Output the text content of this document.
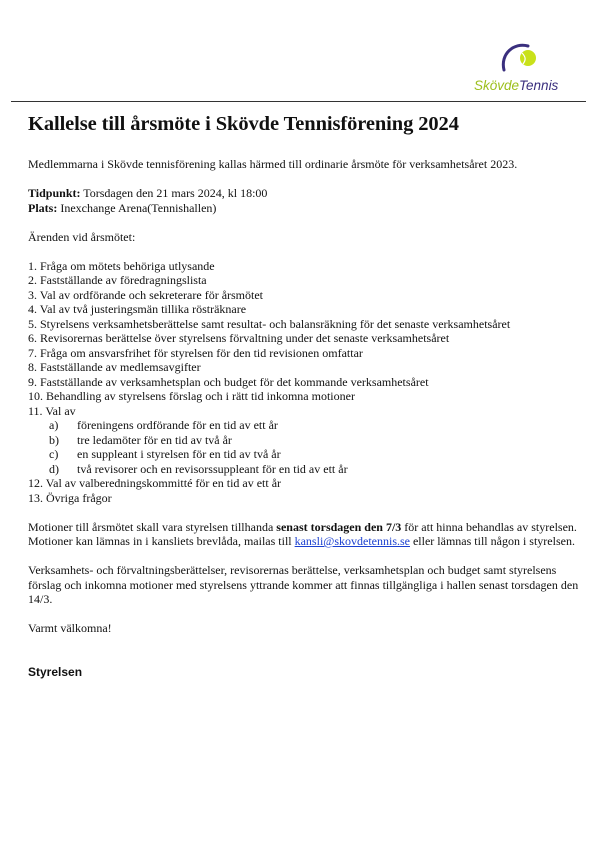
SkövdeTennis
Kallelse till årsmöte i Skövde Tennisförening 2024

Medlemmarna i Skövde tennisförening kallas härmed till ordinarie årsmöte för verksamhetsåret 2023.

Tidpunkt: Torsdagen den 21 mars 2024, kl 18:00

Plats: Inexchange Arena(Tennishallen)

Ärenden vid årsmötet:

1. Fråga om mötets behöriga utlysande
2. Fastställande av föredragningslista
3. Val av ordförande och sekreterare för årsmötet
4. Val av två justeringsmän tillika rösträknare
5. Styrelsens verksamhetsberättelse samt resultat- och balansräkning för det senaste verksamhetsåret
6. Revisorernas berättelse över styrelsens förvaltning under det senaste verksamhetsåret
7. Fråga om ansvarsfrihet för styrelsen för den tid revisionen omfattar
8. Fastställande av medlemsavgifter
9. Fastställande av verksamhetsplan och budget för det kommande verksamhetsåret
10. Behandling av styrelsens förslag och i rätt tid inkomna motioner
11. Val av
a) föreningens ordförande för en tid av ett år
b) tre ledamöter för en tid av två år
c) en suppleant i styrelsen för en tid av två år
d) två revisorer och en revisorssuppleant för en tid av ett år
12. Val av valberedningskommitté för en tid av ett år
13. Övriga frågor

Motioner till årsmötet skall vara styrelsen tillhanda senast torsdagen den 7/3 för att hinna behandlas av styrelsen. Motioner kan lämnas in i kansliets brevlåda, mailas till kansli@skovdetennis.se eller lämnas till någon i styrelsen.

Verksamhets- och förvaltningsberättelser, revisorernas berättelse, verksamhetsplan och budget samt styrelsens förslag och inkomna motioner med styrelsens yttrande kommer att finnas tillgängliga i hallen senast torsdagen den 14/3.

Varmt välkomna!

Styrelsen
